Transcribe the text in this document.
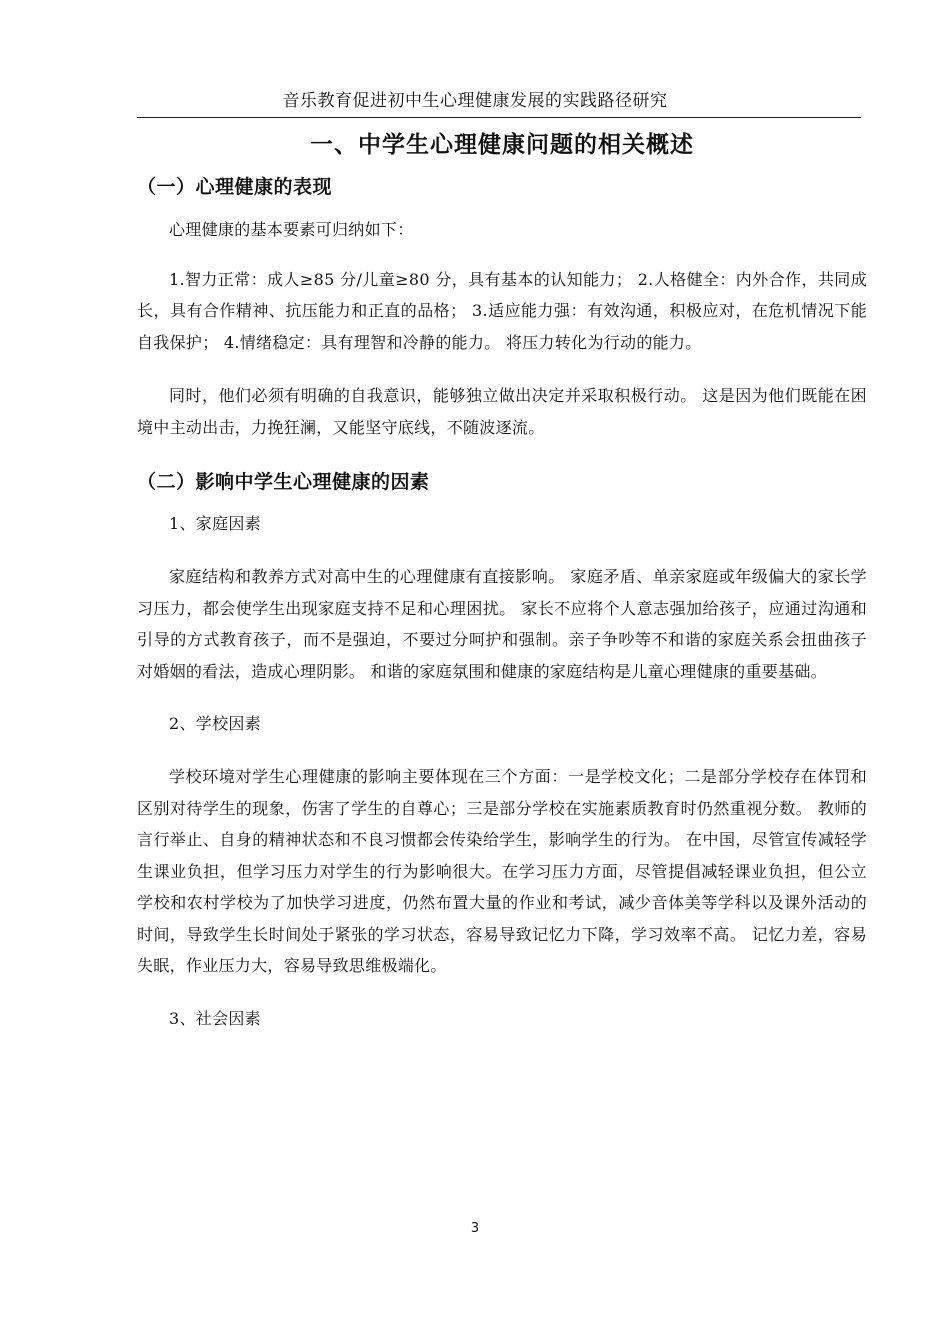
音乐教育促进初中生心理健康发展的实践路径研究
一、中学生心理健康问题的相关概述
（一）心理健康的表现

心理健康的基本要素可归纳如下：

1.智力正常：成人≥85 分/儿童≥80 分，具有基本的认知能力； 2.人格健全：内外合作，共同成长，具有合作精神、抗压能力和正直的品格； 3.适应能力强：有效沟通，积极应对，在危机情况下能自我保护； 4.情绪稳定：具有理智和冷静的能力。 将压力转化为行动的能力。

同时，他们必须有明确的自我意识，能够独立做出决定并采取积极行动。 这是因为他们既能在困境中主动出击，力挽狂澜，又能坚守底线，不随波逐流。

（二）影响中学生心理健康的因素

1、家庭因素

家庭结构和教养方式对高中生的心理健康有直接影响。 家庭矛盾、单亲家庭或年级偏大的家长学习压力，都会使学生出现家庭支持不足和心理困扰。 家长不应将个人意志强加给孩子，应通过沟通和引导的方式教育孩子，而不是强迫，不要过分呵护和强制。亲子争吵等不和谐的家庭关系会扭曲孩子对婚姻的看法，造成心理阴影。 和谐的家庭氛围和健康的家庭结构是儿童心理健康的重要基础。

2、学校因素

学校环境对学生心理健康的影响主要体现在三个方面：一是学校文化；二是部分学校存在体罚和区别对待学生的现象，伤害了学生的自尊心；三是部分学校在实施素质教育时仍然重视分数。 教师的言行举止、自身的精神状态和不良习惯都会传染给学生，影响学生的行为。 在中国，尽管宣传减轻学生课业负担，但学习压力对学生的行为影响很大。在学习压力方面，尽管提倡减轻课业负担，但公立学校和农村学校为了加快学习进度，仍然布置大量的作业和考试，减少音体美等学科以及课外活动的时间，导致学生长时间处于紧张的学习状态，容易导致记忆力下降，学习效率不高。 记忆力差，容易失眠，作业压力大，容易导致思维极端化。

3、社会因素

3
